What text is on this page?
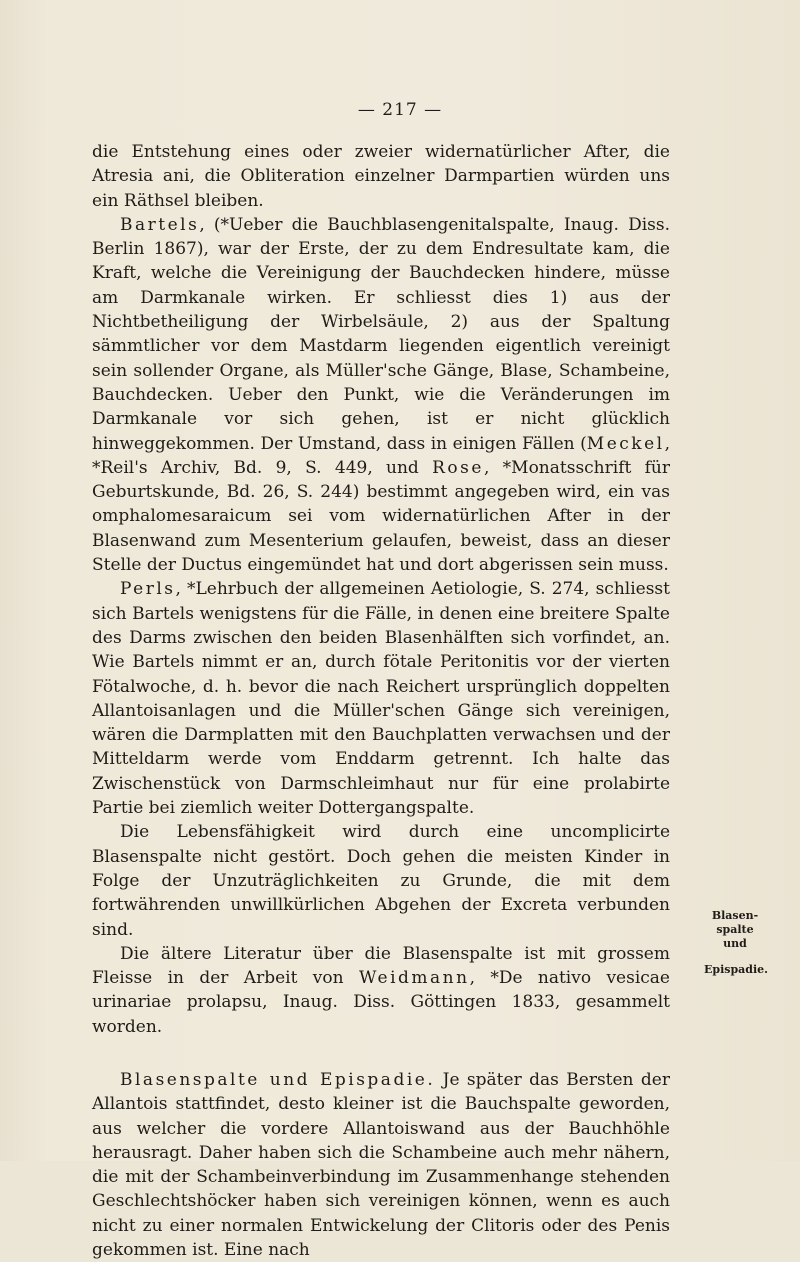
— 217 —

die Entstehung eines oder zweier widernatürlicher After, die Atresia ani, die Obliteration einzelner Darmpartien würden uns ein Räthsel bleiben.

Bartels, (*Ueber die Bauchblasengenitalspalte, Inaug. Diss. Berlin 1867), war der Erste, der zu dem Endresultate kam, die Kraft, welche die Vereinigung der Bauchdecken hindere, müsse am Darmkanale wirken. Er schliesst dies 1) aus der Nichtbetheiligung der Wirbelsäule, 2) aus der Spaltung sämmtlicher vor dem Mastdarm liegenden eigentlich vereinigt sein sollender Organe, als Müller'sche Gänge, Blase, Schambeine, Bauchdecken. Ueber den Punkt, wie die Veränderungen im Darmkanale vor sich gehen, ist er nicht glücklich hinweggekommen. Der Umstand, dass in einigen Fällen (Meckel, *Reil's Archiv, Bd. 9, S. 449, und Rose, *Monatsschrift für Geburtskunde, Bd. 26, S. 244) bestimmt angegeben wird, ein vas omphalomesaraicum sei vom widernatürlichen After in der Blasenwand zum Mesenterium gelaufen, beweist, dass an dieser Stelle der Ductus eingemündet hat und dort abgerissen sein muss.

Perls, *Lehrbuch der allgemeinen Aetiologie, S. 274, schliesst sich Bartels wenigstens für die Fälle, in denen eine breitere Spalte des Darms zwischen den beiden Blasenhälften sich vorfindet, an. Wie Bartels nimmt er an, durch fötale Peritonitis vor der vierten Fötalwoche, d. h. bevor die nach Reichert ursprünglich doppelten Allantoisanlagen und die Müller'schen Gänge sich vereinigen, wären die Darmplatten mit den Bauchplatten verwachsen und der Mitteldarm werde vom Enddarm getrennt. Ich halte das Zwischenstück von Darmschleimhaut nur für eine prolabirte Partie bei ziemlich weiter Dottergangspalte.

Die Lebensfähigkeit wird durch eine uncomplicirte Blasenspalte nicht gestört. Doch gehen die meisten Kinder in Folge der Unzuträglichkeiten zu Grunde, die mit dem fortwährenden unwillkürlichen Abgehen der Excreta verbunden sind.

Die ältere Literatur über die Blasenspalte ist mit grossem Fleisse in der Arbeit von Weidmann, *De nativo vesicae urinariae prolapsu, Inaug. Diss. Göttingen 1833, gesammelt worden.

Blasenspalte und Epispadie. Je später das Bersten der Allantois stattfindet, desto kleiner ist die Bauchspalte geworden, aus welcher die vordere Allantoiswand aus der Bauchhöhle herausragt. Daher haben sich die Schambeine auch mehr nähern, die mit der Schambeinverbindung im Zusammenhange stehenden Geschlechtshöcker haben sich vereinigen können, wenn es auch nicht zu einer normalen Entwickelung der Clitoris oder des Penis gekommen ist. Eine nach

Blasen-
spalte
und
Epispadie.
